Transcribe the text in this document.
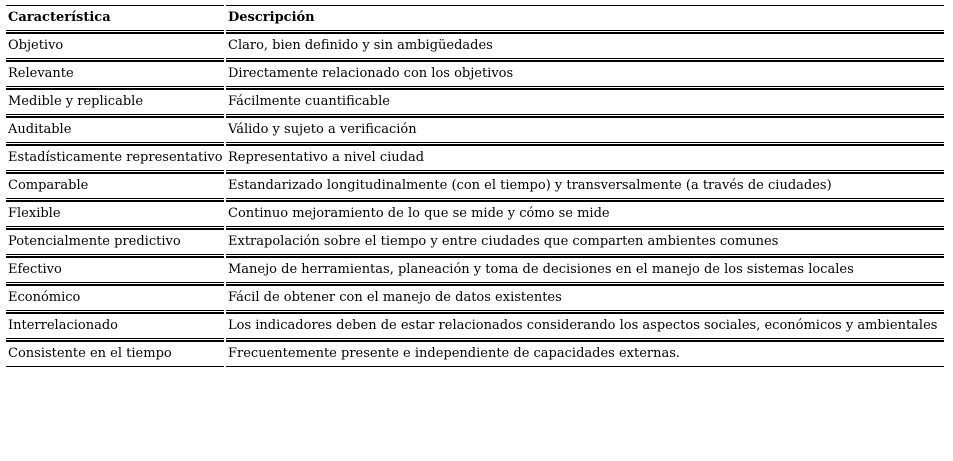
Característica	Descripción
Objetivo	Claro, bien definido y sin ambigüedades
Relevante	Directamente relacionado con los objetivos
Medible y replicable	Fácilmente cuantificable
Auditable	Válido y sujeto a verificación
Estadísticamente representativo	Representativo a nivel ciudad
Comparable	Estandarizado longitudinalmente (con el tiempo) y transversalmente (a través de ciudades)
Flexible	Continuo mejoramiento de lo que se mide y cómo se mide
Potencialmente predictivo	Extrapolación sobre el tiempo y entre ciudades que comparten ambientes comunes
Efectivo	Manejo de herramientas, planeación y toma de decisiones en el manejo de los sistemas locales
Económico	Fácil de obtener con el manejo de datos existentes
Interrelacionado	Los indicadores deben de estar relacionados considerando los aspectos sociales, económicos y ambientales
Consistente en el tiempo	Frecuentemente presente e independiente de capacidades externas.
